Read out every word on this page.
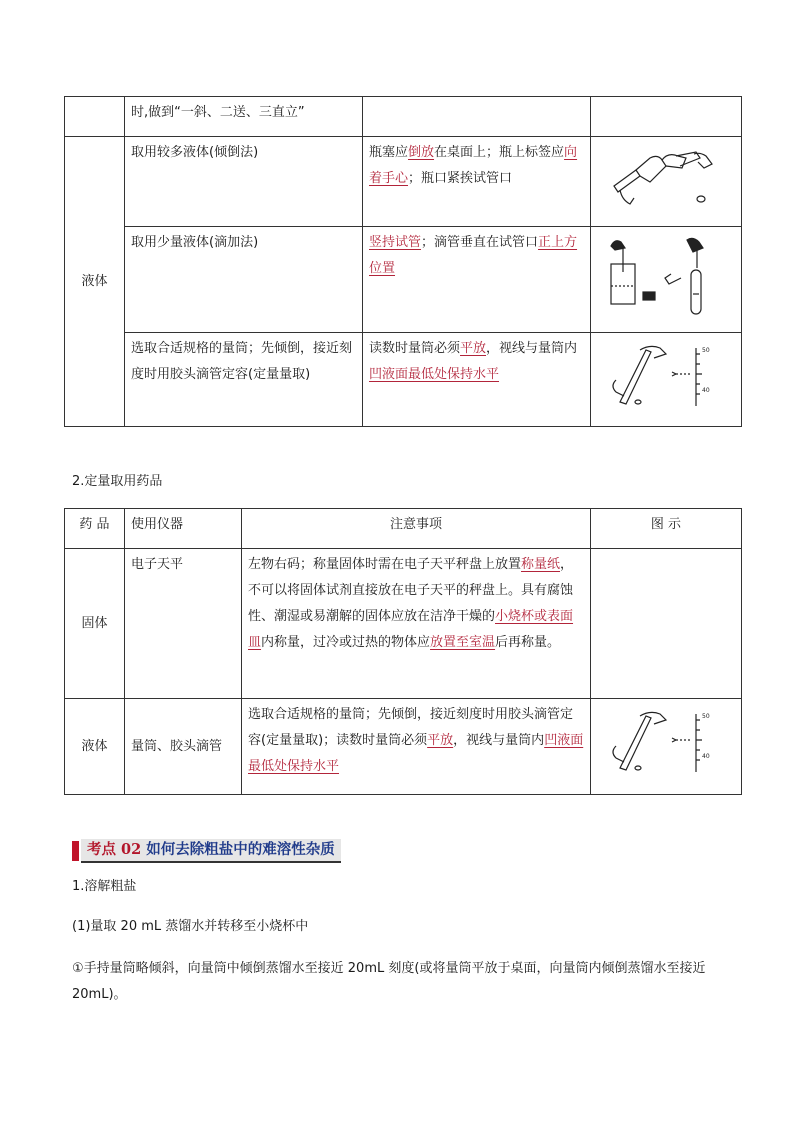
	时,做到“一斜、二送、三直立”		
液体	取用较多液体(倾倒法)	瓶塞应倒放在桌面上；瓶上标签应向着手心；瓶口紧挨试管口	

	取用少量液体(滴加法)	竖持试管；滴管垂直在试管口正上方位置	

	选取合适规格的量筒；先倾倒，接近刻度时用胶头滴管定容(定量量取)	读数时量筒必须平放，视线与量筒内凹液面最低处保持水平	50
40
2.定量取用药品
药 品	使用仪器	注意事项	图 示
固体	电子天平	左物右码；称量固体时需在电子天平秤盘上放置称量纸，不可以将固体试剂直接放在电子天平的秤盘上。具有腐蚀性、潮湿或易潮解的固体应放在洁净干燥的小烧杯或表面皿内称量，过冷或过热的物体应放置至室温后再称量。	
液体	量筒、胶头滴管	选取合适规格的量筒；先倾倒，接近刻度时用胶头滴管定容(定量量取)；读数时量筒必须平放，视线与量筒内凹液面最低处保持水平	50
40
考点 02 如何去除粗盐中的难溶性杂质
1.溶解粗盐
(1)量取 20 mL 蒸馏水并转移至小烧杯中
①手持量筒略倾斜，向量筒中倾倒蒸馏水至接近 20mL 刻度(或将量筒平放于桌面，向量筒内倾倒蒸馏水至接近 20mL)。
